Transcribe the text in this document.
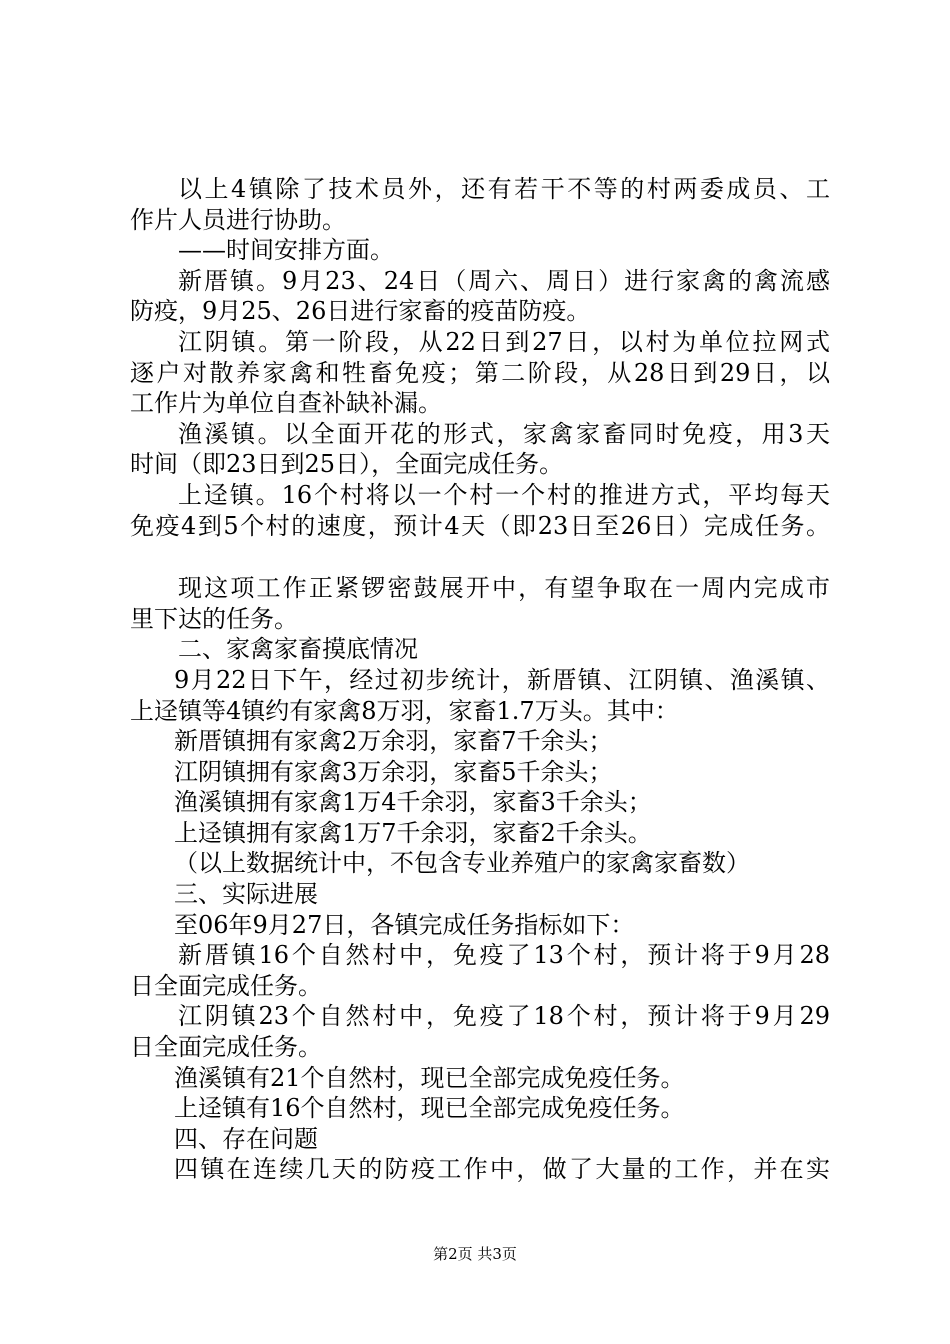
以上4镇除了技术员外，还有若干不等的村两委成员、工
作片人员进行协助。
——时间安排方面。
新厝镇。9月23、24日（周六、周日）进行家禽的禽流感
防疫，9月25、26日进行家畜的疫苗防疫。
江阴镇。第一阶段，从22日到27日，以村为单位拉网式
逐户对散养家禽和牲畜免疫；第二阶段，从28日到29日，以
工作片为单位自查补缺补漏。
渔溪镇。以全面开花的形式，家禽家畜同时免疫，用3天
时间（即23日到25日），全面完成任务。
上迳镇。16个村将以一个村一个村的推进方式，平均每天
免疫4到5个村的速度，预计4天（即23日至26日）完成任务。
现这项工作正紧锣密鼓展开中，有望争取在一周内完成市
里下达的任务。
二、家禽家畜摸底情况
9月22日下午，经过初步统计，新厝镇、江阴镇、渔溪镇、
上迳镇等4镇约有家禽8万羽，家畜1.7万头。其中：
新厝镇拥有家禽2万余羽，家畜7千余头；
江阴镇拥有家禽3万余羽，家畜5千余头；
渔溪镇拥有家禽1万4千余羽，家畜3千余头；
上迳镇拥有家禽1万7千余羽，家畜2千余头。
（以上数据统计中，不包含专业养殖户的家禽家畜数）
三、实际进展
至06年9月27日，各镇完成任务指标如下：
新厝镇16个自然村中，免疫了13个村，预计将于9月28
日全面完成任务。
江阴镇23个自然村中，免疫了18个村，预计将于9月29
日全面完成任务。
渔溪镇有21个自然村，现已全部完成免疫任务。
上迳镇有16个自然村，现已全部完成免疫任务。
四、存在问题
四镇在连续几天的防疫工作中，做了大量的工作，并在实
第2页 共3页
